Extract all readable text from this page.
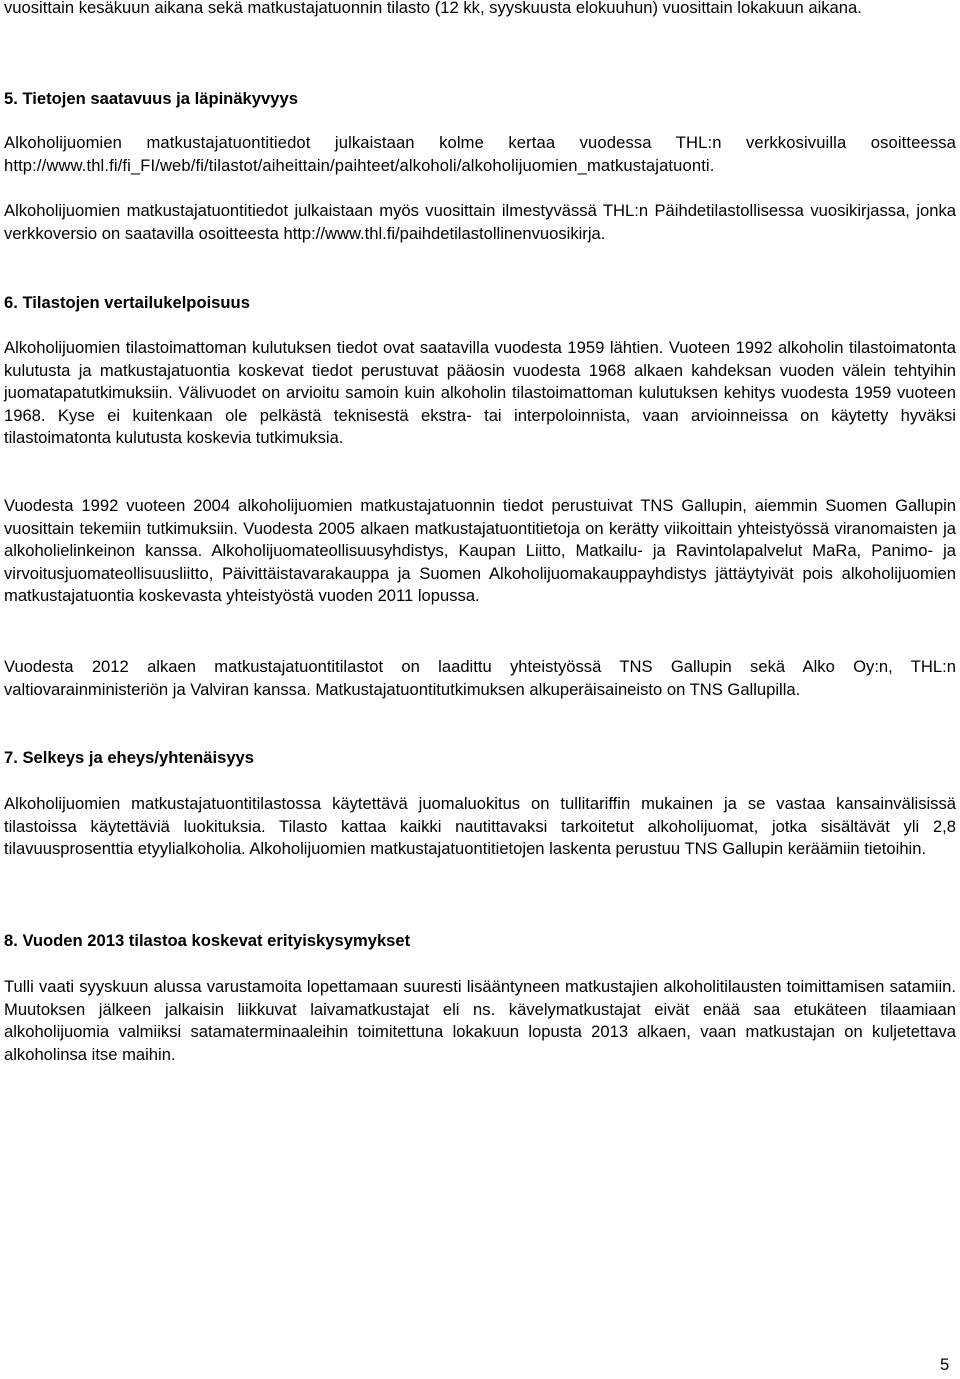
vuosittain kesäkuun aikana sekä matkustajatuonnin tilasto (12 kk, syyskuusta elokuuhun) vuosittain lokakuun aikana.

5. Tietojen saatavuus ja läpinäkyvyys

Alkoholijuomien matkustajatuontitiedot julkaistaan kolme kertaa vuodessa THL:n verkkosivuilla osoitteessa http://www.thl.fi/fi_FI/web/fi/tilastot/aiheittain/paihteet/alkoholi/alkoholijuomien_matkustajatuonti.

Alkoholijuomien matkustajatuontitiedot julkaistaan myös vuosittain ilmestyvässä THL:n Päihdetilastollisessa vuosikirjassa, jonka verkkoversio on saatavilla osoitteesta http://www.thl.fi/paihdetilastollinenvuosikirja.

6. Tilastojen vertailukelpoisuus

Alkoholijuomien tilastoimattoman kulutuksen tiedot ovat saatavilla vuodesta 1959 lähtien. Vuoteen 1992 alkoholin tilastoimatonta kulutusta ja matkustajatuontia koskevat tiedot perustuvat pääosin vuodesta 1968 alkaen kahdeksan vuoden välein tehtyihin juomatapatutkimuksiin. Välivuodet on arvioitu samoin kuin alkoholin tilastoimattoman kulutuksen kehitys vuodesta 1959 vuoteen 1968. Kyse ei kuitenkaan ole pelkästä teknisestä ekstra- tai interpoloinnista, vaan arvioinneissa on käytetty hyväksi tilastoimatonta kulutusta koskevia tutkimuksia.

Vuodesta 1992 vuoteen 2004 alkoholijuomien matkustajatuonnin tiedot perustuivat TNS Gallupin, aiemmin Suomen Gallupin vuosittain tekemiin tutkimuksiin. Vuodesta 2005 alkaen matkustajatuontitietoja on kerätty viikoittain yhteistyössä viranomaisten ja alkoholielinkeinon kanssa. Alkoholijuomateollisuusyhdistys, Kaupan Liitto, Matkailu- ja Ravintolapalvelut MaRa, Panimo- ja virvoitusjuomateollisuusliitto, Päivittäistavarakauppa ja Suomen Alkoholijuomakauppayhdistys jättäytyivät pois alkoholijuomien matkustajatuontia koskevasta yhteistyöstä vuoden 2011 lopussa.

Vuodesta 2012 alkaen matkustajatuontitilastot on laadittu yhteistyössä TNS Gallupin sekä Alko Oy:n, THL:n valtiovarainministeriön ja Valviran kanssa. Matkustajatuontitutkimuksen alkuperäisaineisto on TNS Gallupilla.

7. Selkeys ja eheys/yhtenäisyys

Alkoholijuomien matkustajatuontitilastossa käytettävä juomaluokitus on tullitariffin mukainen ja se vastaa kansainvälisissä tilastoissa käytettäviä luokituksia. Tilasto kattaa kaikki nautittavaksi tarkoitetut alkoholijuomat, jotka sisältävät yli 2,8 tilavuusprosenttia etyylialkoholia. Alkoholijuomien matkustajatuontitietojen laskenta perustuu TNS Gallupin keräämiin tietoihin.

8. Vuoden 2013 tilastoa koskevat erityiskysymykset

Tulli vaati syyskuun alussa varustamoita lopettamaan suuresti lisääntyneen matkustajien alkoholitilausten toimittamisen satamiin. Muutoksen jälkeen jalkaisin liikkuvat laivamatkustajat eli ns. kävelymatkustajat eivät enää saa etukäteen tilaamiaan alkoholijuomia valmiiksi satamaterminaaleihin toimitettuna lokakuun lopusta 2013 alkaen, vaan matkustajan on kuljetettava alkoholinsa itse maihin.

5
